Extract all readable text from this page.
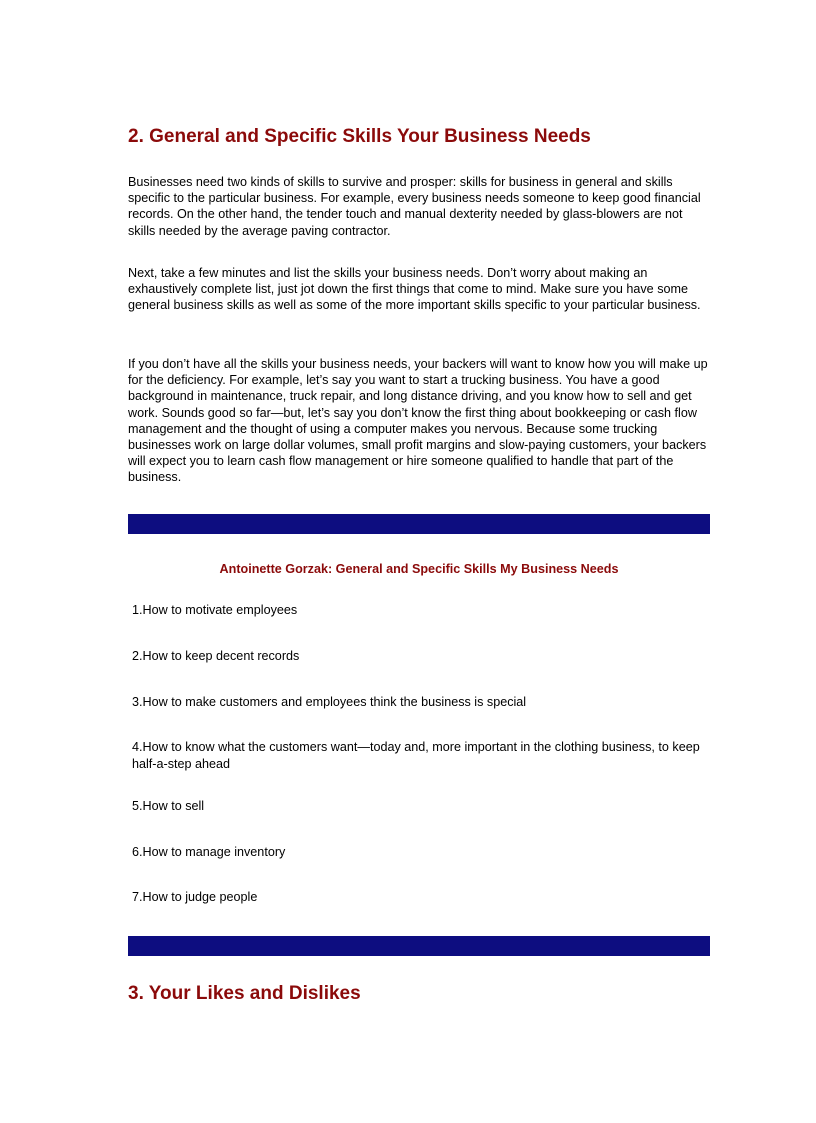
2. General and Specific Skills Your Business Needs

Businesses need two kinds of skills to survive and prosper: skills for business in general and skills specific to the particular business. For example, every business needs someone to keep good financial records. On the other hand, the tender touch and manual dexterity needed by glass-blowers are not skills needed by the average paving contractor.

Next, take a few minutes and list the skills your business needs. Don’t worry about making an exhaustively complete list, just jot down the first things that come to mind. Make sure you have some general business skills as well as some of the more important skills specific to your particular business.

If you don’t have all the skills your business needs, your backers will want to know how you will make up for the deficiency. For example, let’s say you want to start a trucking business. You have a good background in maintenance, truck repair, and long distance driving, and you know how to sell and get work. Sounds good so far—but, let’s say you don’t know the first thing about bookkeeping or cash flow management and the thought of using a computer makes you nervous. Because some trucking businesses work on large dollar volumes, small profit margins and slow-paying customers, your backers will expect you to learn cash flow management or hire someone qualified to handle that part of the business.

Antoinette Gorzak: General and Specific Skills My Business Needs

1.How to motivate employees

2.How to keep decent records

3.How to make customers and employees think the business is special

4.How to know what the customers want—today and, more important in the clothing business, to keep half-a-step ahead

5.How to sell

6.How to manage inventory

7.How to judge people

3. Your Likes and Dislikes
